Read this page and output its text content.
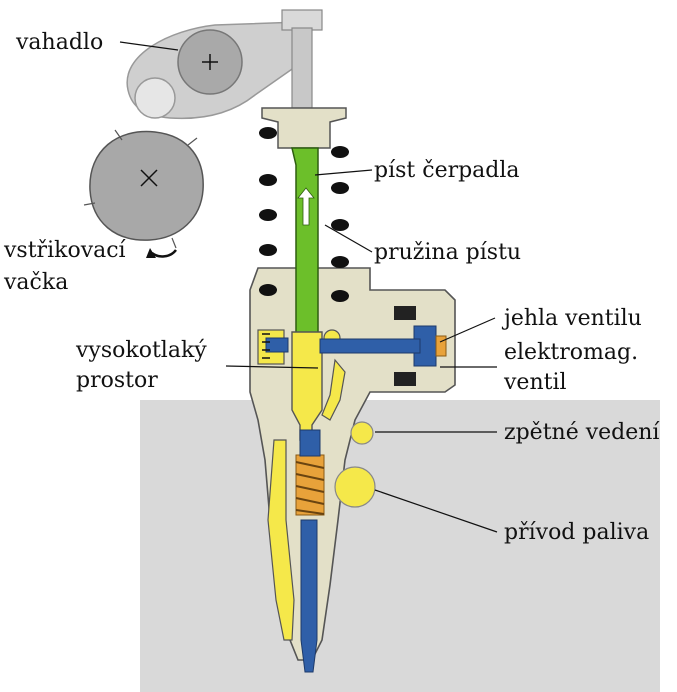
vahadlo
vstřikovací
vačka
píst čerpadla
pružina pístu
vysokotlaký
prostor
jehla ventilu
elektromag.
ventil
zpětné vedení
přívod paliva
